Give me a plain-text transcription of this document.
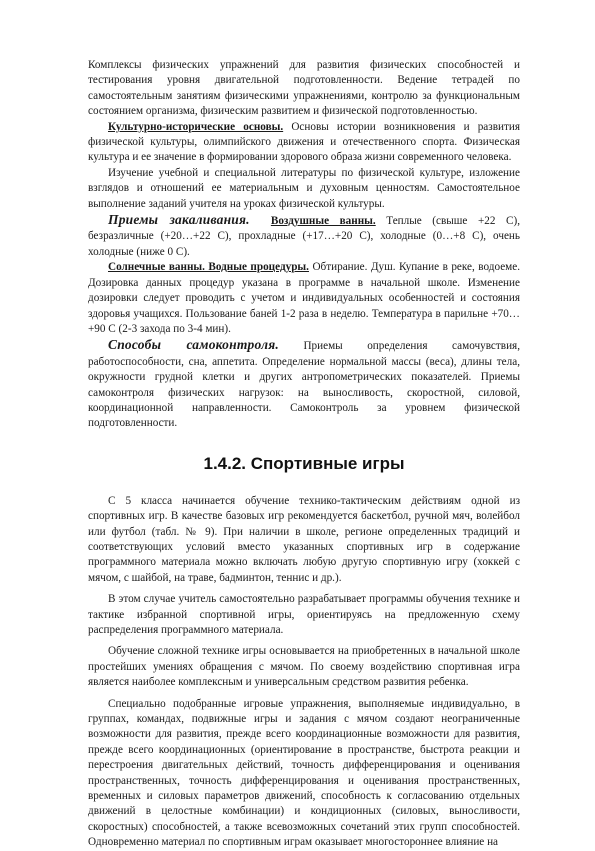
Комплексы физических упражнений для развития физических способностей и тестирования уровня двигательной подготовленности. Ведение тетрадей по самостоятельным занятиям физическими упражнениями, контролю за функциональным состоянием организма, физическим развитием и физической подготовленностью.

Культурно-исторические основы. Основы истории возникновения и развития физической культуры, олимпийского движения и отечественного спорта. Физическая культура и ее значение в формировании здорового образа жизни современного человека.

Изучение учебной и специальной литературы по физической культуре, изложение взглядов и отношений ее материальным и духовным ценностям. Самостоятельное выполнение заданий учителя на уроках физической культуры.

Приемы закаливания. Воздушные ванны. Теплые (свыше +22 С), безразличные (+20…+22 С), прохладные (+17…+20 С), холодные (0…+8 С), очень холодные (ниже 0 С).

Солнечные ванны. Водные процедуры. Обтирание. Душ. Купание в реке, водоеме. Дозировка данных процедур указана в программе в начальной школе. Изменение дозировки следует проводить с учетом и индивидуальных особенностей и состояния здоровья учащихся. Пользование баней 1-2 раза в неделю. Температура в парильне +70…+90 С (2-3 захода по 3-4 мин).

Способы самоконтроля. Приемы определения самочувствия, работоспособности, сна, аппетита. Определение нормальной массы (веса), длины тела, окружности грудной клетки и других антропометрических показателей. Приемы самоконтроля физических нагрузок: на выносливость, скоростной, силовой, координационной направленности. Самоконтроль за уровнем физической подготовленности.

1.4.2. Спортивные игры

С 5 класса начинается обучение технико-тактическим действиям одной из спортивных игр. В качестве базовых игр рекомендуется баскетбол, ручной мяч, волейбол или футбол (табл. № 9). При наличии в школе, регионе определенных традиций и соответствующих условий вместо указанных спортивных игр в содержание программного материала можно включать любую другую спортивную игру (хоккей с мячом, с шайбой, на траве, бадминтон, теннис и др.).

В этом случае учитель самостоятельно разрабатывает программы обучения технике и тактике избранной спортивной игры, ориентируясь на предложенную схему распределения программного материала.

Обучение сложной технике игры основывается на приобретенных в начальной школе простейших умениях обращения с мячом. По своему воздействию спортивная игра является наиболее комплексным и универсальным средством развития ребенка.

Специально подобранные игровые упражнения, выполняемые индивидуально, в группах, командах, подвижные игры и задания с мячом создают неограниченные возможности для развития, прежде всего координационные возможности для развития, прежде всего координационных (ориентирование в пространстве, быстрота реакции и перестроения двигательных действий, точность дифференцирования и оценивания пространственных, точность дифференцирования и оценивания пространственных, временных и силовых параметров движений, способность к согласованию отдельных движений в целостные комбинации) и кондиционных (силовых, выносливости, скоростных) способностей, а также всевозможных сочетаний этих групп способностей. Одновременно материал по спортивным играм оказывает многостороннее влияние на
